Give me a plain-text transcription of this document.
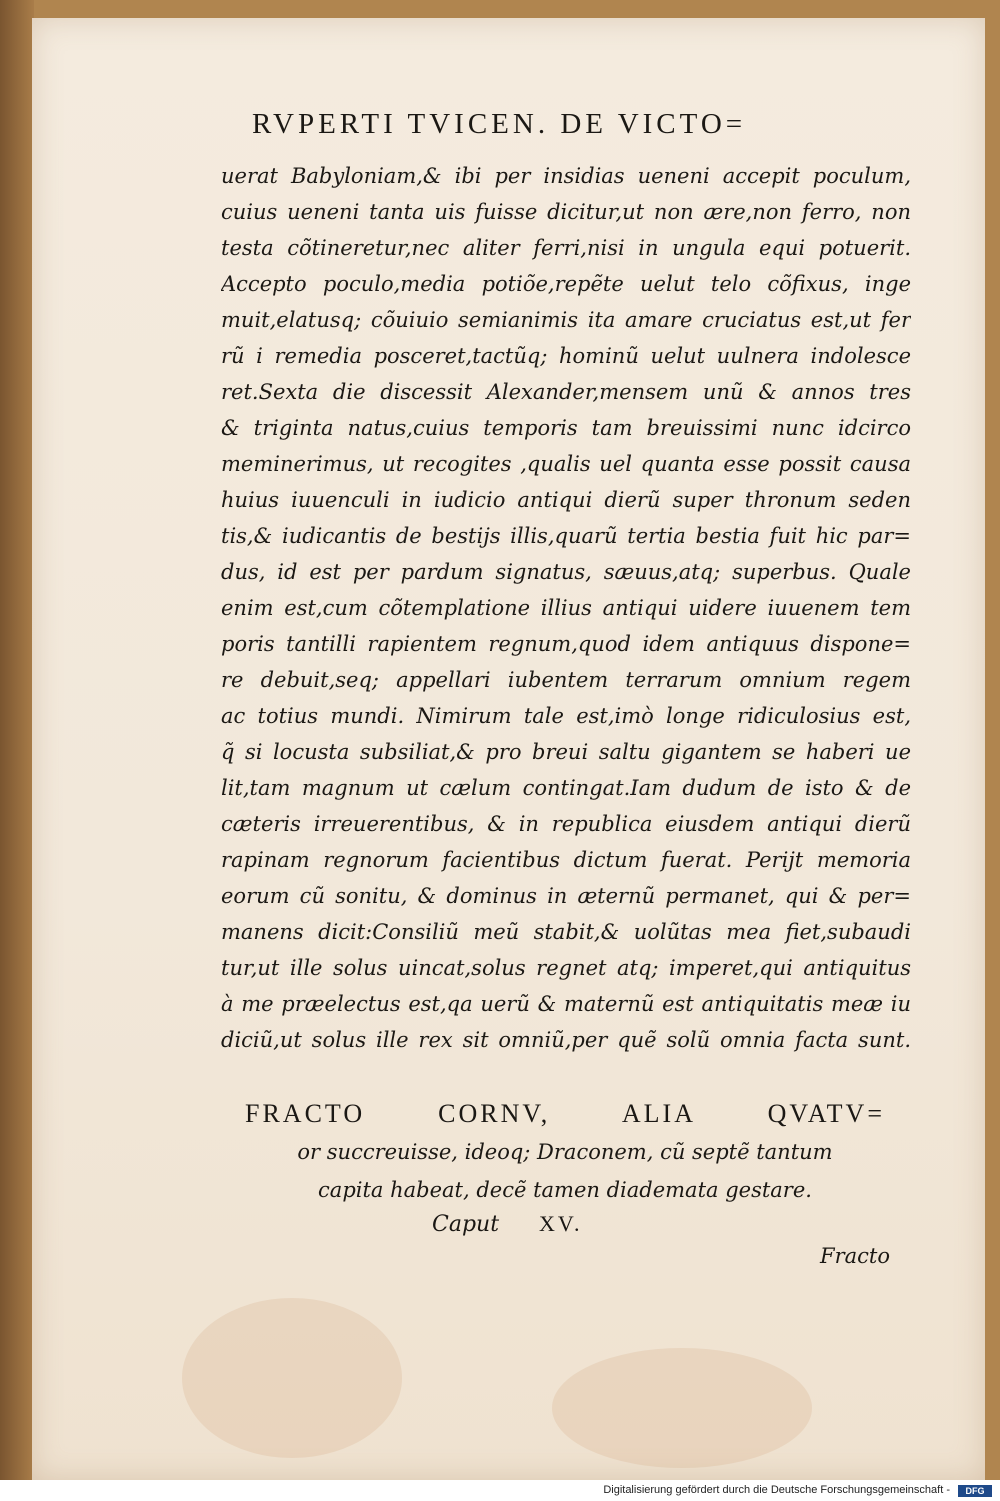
RVPERTI TVICEN. DE VICTO=
uerat Babyloniam,& ibi per insidias ueneni accepit poculum,
cuius ueneni tanta uis fuisse dicitur,ut non ære,non ferro, non
testa cõtineretur,nec aliter ferri,nisi in ungula equi potuerit.
Accepto poculo,media potiõe,repẽte uelut telo cõfixus, inge
muit,elatusq; cõuiuio semianimis ita amare cruciatus est,ut fer
rũ i remedia posceret,tactũq; hominũ uelut uulnera indolesce
ret.Sexta die discessit Alexander,mensem unũ & annos tres
& triginta natus,cuius temporis tam breuissimi nunc idcirco
meminerimus, ut recogites ,qualis uel quanta esse possit causa
huius iuuenculi in iudicio antiqui dierũ super thronum seden
tis,& iudicantis de bestijs illis,quarũ tertia bestia fuit hic par=
dus, id est per pardum signatus, sæuus,atq; superbus. Quale
enim est,cum cõtemplatione illius antiqui uidere iuuenem tem
poris tantilli rapientem regnum,quod idem antiquus dispone=
re debuit,seq; appellari iubentem terrarum omnium regem
ac totius mundi. Nimirum tale est,imò longe ridiculosius est,
q̃ si locusta subsiliat,& pro breui saltu gigantem se haberi ue
lit,tam magnum ut cælum contingat.Iam dudum de isto & de
cæteris irreuerentibus, & in republica eiusdem antiqui dierũ
rapinam regnorum facientibus dictum fuerat. Perijt memoria
eorum cũ sonitu, & dominus in æternũ permanet, qui & per=
manens dicit:Consiliũ meũ stabit,& uolũtas mea fiet,subaudi
tur,ut ille solus uincat,solus regnet atq; imperet,qui antiquitus
à me præelectus est,qa uerũ & maternũ est antiquitatis meæ iu
diciũ,ut solus ille rex sit omniũ,per quẽ solũ omnia facta sunt.
FRACTO CORNV, ALIA QVATV=
or succreuisse, ideoq; Draconem, cũ septẽ tantum
capita habeat, decẽ tamen diademata gestare.
Caput XV.
Fracto
Digitalisierung gefördert durch die Deutsche Forschungsgemeinschaft -	DFG
